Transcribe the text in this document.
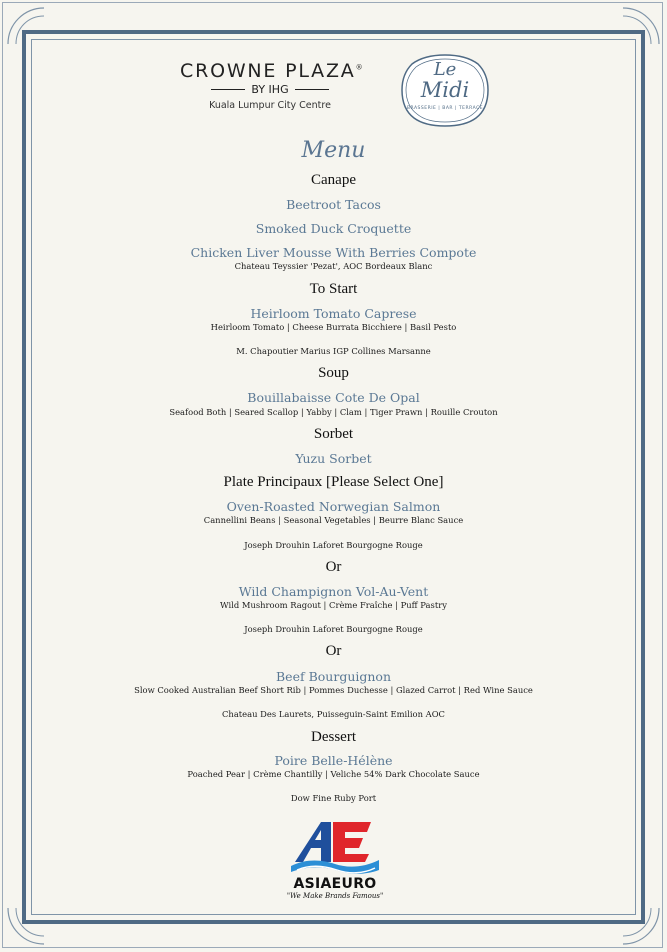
CROWNE PLAZA®
BY IHG
Kuala Lumpur City Centre
Le
Midi
BRASSERIE | BAR | TERRACE
Menu
Canape
Beetroot Tacos
Smoked Duck Croquette
Chicken Liver Mousse With Berries Compote
Chateau Teyssier 'Pezat', AOC Bordeaux Blanc
To Start
Heirloom Tomato Caprese
Heirloom Tomato | Cheese Burrata Bicchiere | Basil Pesto
M. Chapoutier Marius IGP Collines Marsanne
Soup
Bouillabaisse Cote De Opal
Seafood Both | Seared Scallop | Yabby | Clam | Tiger Prawn | Rouille Crouton
Sorbet
Yuzu Sorbet
Plate Principaux [Please Select One]
Oven-Roasted Norwegian Salmon
Cannellini Beans | Seasonal Vegetables | Beurre Blanc Sauce
Joseph Drouhin Laforet Bourgogne Rouge
Or
Wild Champignon Vol-Au-Vent
Wild Mushroom Ragout | Crème Fraîche | Puff Pastry
Joseph Drouhin Laforet Bourgogne Rouge
Or
Beef Bourguignon
Slow Cooked Australian Beef Short Rib | Pommes Duchesse | Glazed Carrot | Red Wine Sauce
Chateau Des Laurets, Puisseguin-Saint Emilion AOC
Dessert
Poire Belle-Hélène
Poached Pear | Crème Chantilly | Veliche 54% Dark Chocolate Sauce
Dow Fine Ruby Port
ASIAEURO
"We Make Brands Famous"
